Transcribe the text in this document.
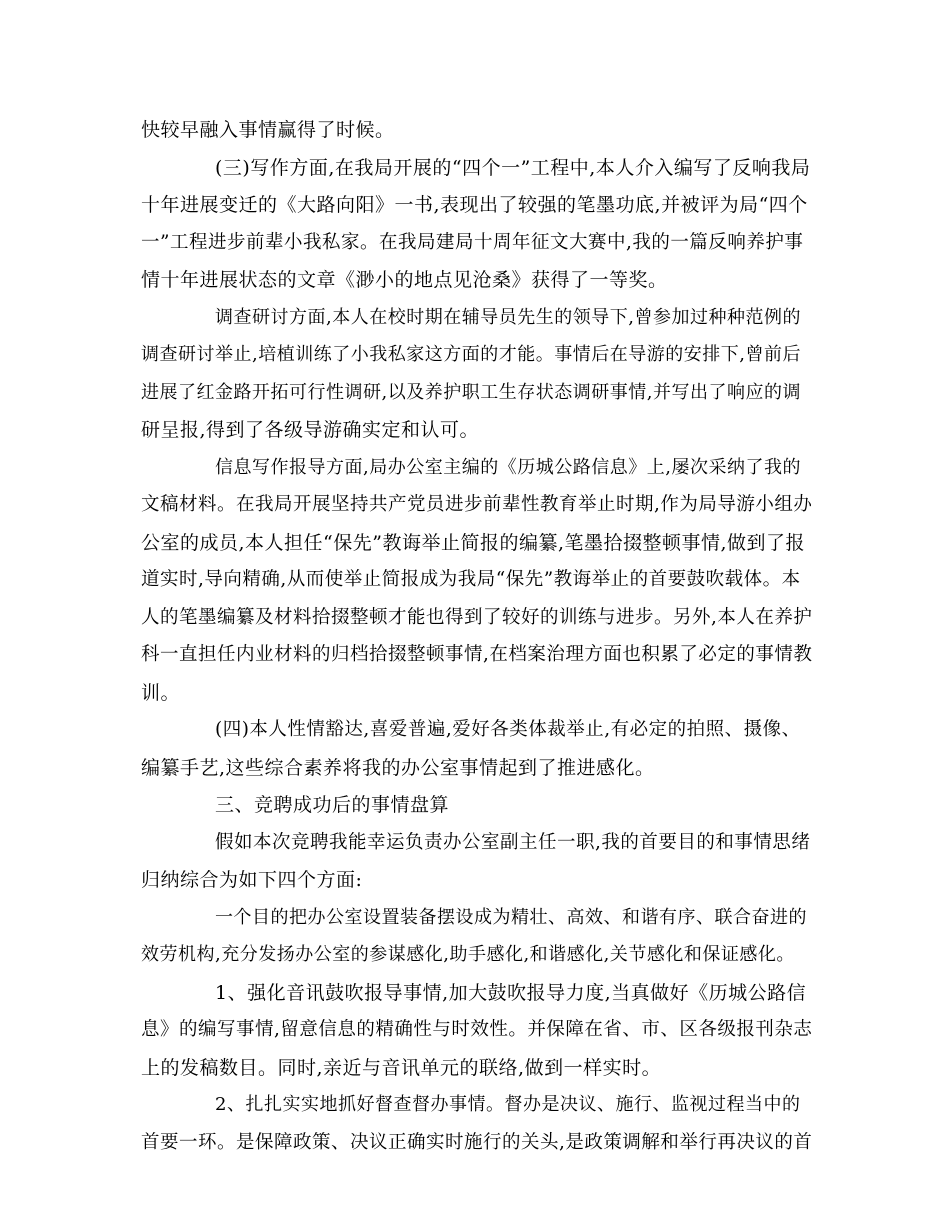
快较早融入事情赢得了时候。
(三)写作方面,在我局开展的“四个一”工程中,本人介入编写了反响我局
十年进展变迁的《大路向阳》一书,表现出了较强的笔墨功底,并被评为局“四个
一”工程进步前辈小我私家。在我局建局十周年征文大赛中,我的一篇反响养护事
情十年进展状态的文章《渺小的地点见沧桑》获得了一等奖。
调查研讨方面,本人在校时期在辅导员先生的领导下,曾参加过种种范例的
调查研讨举止,培植训练了小我私家这方面的才能。事情后在导游的安排下,曾前后
进展了红金路开拓可行性调研,以及养护职工生存状态调研事情,并写出了响应的调
研呈报,得到了各级导游确实定和认可。
信息写作报导方面,局办公室主编的《历城公路信息》上,屡次采纳了我的
文稿材料。在我局开展坚持共产党员进步前辈性教育举止时期,作为局导游小组办
公室的成员,本人担任“保先”教诲举止简报的编纂,笔墨拾掇整顿事情,做到了报
道实时,导向精确,从而使举止简报成为我局“保先”教诲举止的首要鼓吹载体。本
人的笔墨编纂及材料拾掇整顿才能也得到了较好的训练与进步。另外,本人在养护
科一直担任内业材料的归档拾掇整顿事情,在档案治理方面也积累了必定的事情教
训。
(四)本人性情豁达,喜爱普遍,爱好各类体裁举止,有必定的拍照、摄像、
编纂手艺,这些综合素养将我的办公室事情起到了推进感化。
三、竞聘成功后的事情盘算
假如本次竞聘我能幸运负责办公室副主任一职,我的首要目的和事情思绪
归纳综合为如下四个方面:
一个目的把办公室设置装备摆设成为精壮、高效、和谐有序、联合奋进的
效劳机构,充分发扬办公室的参谋感化,助手感化,和谐感化,关节感化和保证感化。
1、强化音讯鼓吹报导事情,加大鼓吹报导力度,当真做好《历城公路信
息》的编写事情,留意信息的精确性与时效性。并保障在省、市、区各级报刊杂志
上的发稿数目。同时,亲近与音讯单元的联络,做到一样实时。
2、扎扎实实地抓好督查督办事情。督办是决议、施行、监视过程当中的
首要一环。是保障政策、决议正确实时施行的关头,是政策调解和举行再决议的首
